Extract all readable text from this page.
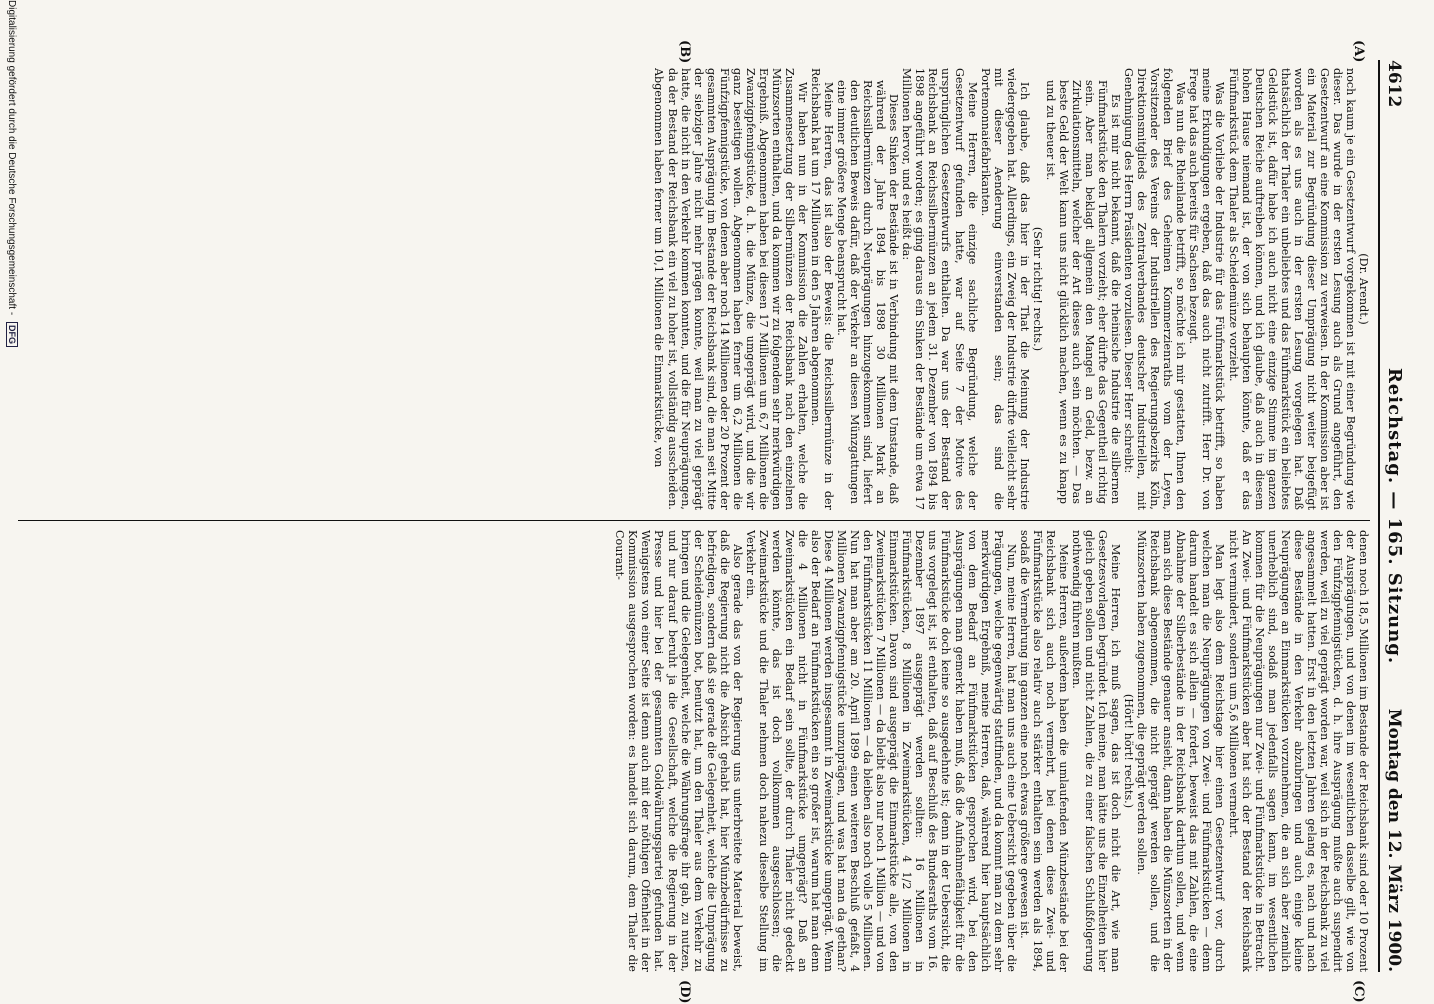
4612
Reichstag. — 165. Sitzung.
Montag den 12. März 1900.
(A)
(B)
(C)
(D)

(Dr. Arendt.)

noch kaum je ein Gesetzentwurf vorgekommen ist mit einer Begründung wie dieser. Das wurde in der ersten Lesung auch als Grund angeführt, den Gesetzentwurf an eine Kommission zu verweisen. In der Kommission aber ist ein Material zur Begründung dieser Umprägung nicht weiter beigefügt worden als es uns auch in der ersten Lesung vorgelegen hat. Daß thatsächlich der Thaler ein unbeliebtes und das Fünfmarkstück ein beliebtes Geldstück ist, dafür habe ich auch nicht eine einzige Stimme im ganzen Deutschen Reiche auftreiben können, und ich glaube, daß auch in diesem hohen Hause niemand ist, der von sich behaupten könnte, daß er das Fünfmarkstück dem Thaler als Scheidemünze vorzieht.

Was die Vorliebe der Industrie für das Fünfmarkstück betrifft, so haben meine Erkundigungen ergeben, daß das auch nicht zutrifft. Herr Dr. von Frege hat das auch bereits für Sachsen bezeugt.

Was nun die Rheinlande betrifft, so möchte ich mir gestatten, Ihnen den folgenden Brief des Geheimen Kommerzienraths vom der Leyen, Vorsitzender des Vereins der Industriellen des Regierungsbezirks Köln, Direktionsmitglieds des Zentralverbandes deutscher Industriellen, mit Genehmigung des Herrn Präsidenten vorzulesen. Dieser Herr schreibt:

Es ist mir nicht bekannt, daß die rheinische Industrie die silbernen Fünfmarkstücke den Thalern vorzieht; eher dürfte das Gegentheil richtig sein. Aber man beklagt allgemein den Mangel an Geld, bezw. an Zirkulationsmitteln, welcher der Art dieses auch sein möchten. — Das beste Geld der Welt kann uns nicht glücklich machen, wenn es zu knapp und zu theuer ist.

(Sehr richtig! rechts.)

Ich glaube, daß das hier in der That die Meinung der Industrie wiedergegeben hat. Allerdings, ein Zweig der Industrie dürfte vielleicht sehr mit dieser Aenderung einverstanden sein; das sind die Portemonnaiefabrikanten.

Meine Herren, die einzige sachliche Begründung, welche der Gesetzentwurf gefunden hatte, war auf Seite 7 der Motive des ursprünglichen Gesetzentwurfs enthalten. Da war uns der Bestand der Reichsbank an Reichssilbermünzen an jedem 31. Dezember von 1894 bis 1898 angeführt worden; es ging daraus ein Sinken der Bestände um etwa 17 Millionen hervor, und es heißt da:

Dieses Sinken der Bestände ist in Verbindung mit dem Umstande, daß während der Jahre 1894 bis 1898 30 Millionen Mark an Reichssilbermünzen durch Neuprägungen hinzugekommen sind, liefert den deutlichen Beweis dafür, daß der Verkehr an diesen Münzgattungen eine immer größere Menge beansprucht hat.

Meine Herren, das ist also der Beweis: die Reichssilbermünze in der Reichsbank hat um 17 Millionen in den 5 Jahren abgenommen.

Wir haben nun in der Kommission die Zahlen erhalten, welche die Zusammensetzung der Silbermünzen der Reichsbank nach den einzelnen Münzsorten enthalten, und da kommen wir zu folgendem sehr merkwürdigen Ergebniß. Abgenommen haben bei diesen 17 Millionen um 6,7 Millionen die Zwanzigpfennigstücke, d. h. die Münze, die umgeprägt wird, und die wir ganz beseitigen wollen. Abgenommen haben ferner um 6,2 Millionen die Fünfzigpfennigstücke, von denen aber noch 14 Millionen oder 20 Prozent der gesammten Ausprägung im Bestande der Reichsbank sind, die man seit Mitte der siebziger Jahre nicht mehr prägen konnte, weil man zu viel geprägt hatte, die nicht in den Verkehr kommen konnten, und die für Neuprägungen, da der Bestand der Reichsbank ein viel zu hoher ist, vollständig ausscheiden. Abgenommen haben ferner um 10,1 Millionen die Einmarkstücke, von

denen noch 18,5 Millionen im Bestande der Reichsbank sind oder 10 Prozent der Ausprägungen, und von denen im wesentlichen dasselbe gilt, wie von den Fünfzigpfennigstücken, d. h. ihre Ausprägung mußte auch suspendirt werden, weil zu viel geprägt worden war, weil sich in der Reichsbank zu viel angesammelt hatten. Erst in den letzten Jahren gelang es, nach und nach diese Bestände in den Verkehr abzubringen und auch einige kleine Neuprägungen an Einmarkstücken vorzunehmen, die an sich aber ziemlich unerheblich sind, sodaß man jedenfalls sagen kann, im wesentlichen kommen für die Neuprägungen nur Zwei- und Fünfmarkstücke in Betracht. An Zwei- und Fünfmarkstücken aber hat sich der Bestand der Reichsbank nicht vermindert, sondern um 5,6 Millionen vermehrt.

Man legt also dem Reichstage hier einen Gesetzentwurf vor, durch welchen man die Neuprägungen von Zwei- und Fünfmarkstücken — denn darum handelt es sich allein — fordert, beweist das mit Zahlen, die eine Abnahme der Silberbestände in der Reichsbank darthun sollen, und wenn man sich diese Bestände genauer ansieht, dann haben die Münzsorten in der Reichsbank abgenommen, die nicht geprägt werden sollen, und die Münzsorten haben zugenommen, die geprägt werden sollen.

(Hört! hört! rechts.)

Meine Herren, ich muß sagen, das ist doch nicht die Art, wie man Gesetzesvorlagen begründet. Ich meine, man hätte uns die Einzelheiten hier gleich geben sollen und nicht Zahlen, die zu einer falschen Schlußfolgerung nothwendig führen mußten.

Meine Herren, außerdem haben die umlaufenden Münzbestände bei der Reichsbank sich auch noch vermehrt, bei denen diese Zwei- und Fünfmarkstücke also relativ auch stärker enthalten sein werden als 1894, sodaß die Vermehrung im ganzen eine noch etwas größere gewesen ist.

Nun, meine Herren, hat man uns auch eine Uebersicht gegeben über die Prägungen, welche gegenwärtig stattfinden, und da kommt man zu dem sehr merkwürdigen Ergebniß, meine Herren, daß, während hier hauptsächlich von dem Bedarf an Fünfmarkstücken gesprochen wird, bei den Ausprägungen man gemerkt haben muß, daß die Aufnahmefähigkeit für die Fünfmarkstücke doch keine so ausgedehnte ist; denn in der Uebersicht, die uns vorgelegt ist, ist enthalten, daß auf Beschluß des Bundesraths vom 16. Dezember 1897 ausgeprägt werden sollten: 16 Millionen in Fünfmarkstücken, 8 Millionen in Zweimarkstücken, 4 1/2 Millionen in Einmarkstücken. Davon sind ausgeprägt die Einmarkstücke alle, von den Zweimarkstücken 7 Millionen — da bleibt also nur noch 1 Million — und von den Fünfmarkstücken 11 Millionen — da bleiben also noch volle 5 Millionen. Nun hat man aber am 20. April 1899 einen weiteren Beschluß gefaßt, 4 Millionen Zwanzigpfennigstücke umzuprägen, und was hat man da gethan? Diese 4 Millionen werden insgesammt in Zweimarkstücke umgeprägt. Wenn also der Bedarf an Fünfmarkstücken ein so großer ist, warum hat man denn die 4 Millionen nicht in Fünfmarkstücke umgeprägt? Daß an Zweimarkstücken ein Bedarf sein sollte, der durch Thaler nicht gedeckt werden könnte, das ist doch vollkommen ausgeschlossen; die Zweimarkstücke und die Thaler nehmen doch nahezu dieselbe Stellung im Verkehr ein.

Also gerade das von der Regierung uns unterbreitete Material beweist, daß die Regierung nicht die Absicht gehabt hat, hier Münzbedürfnisse zu befriedigen, sondern daß sie gerade die Gelegenheit, welche die Umprägung der Scheidemünzen bot, benutzt hat, um den Thaler aus dem Verkehr zu bringen und die Gelegenheit, welche die Währungsfrage ihr gab, zu nutzen, und nur darauf beruht ja die Gesellschaft, welche die Regierung in der Presse und hier bei der gesammten Goldwährungspartei gefunden hat. Wenigstens von einer Seite ist denn auch mit der nöthigen Offenheit in der Kommission ausgesprochen worden: es handelt sich darum, dem Thaler die Courant-

Digitalisierung gefördert durch die Deutsche Forschungsgemeinschaft - DFG
